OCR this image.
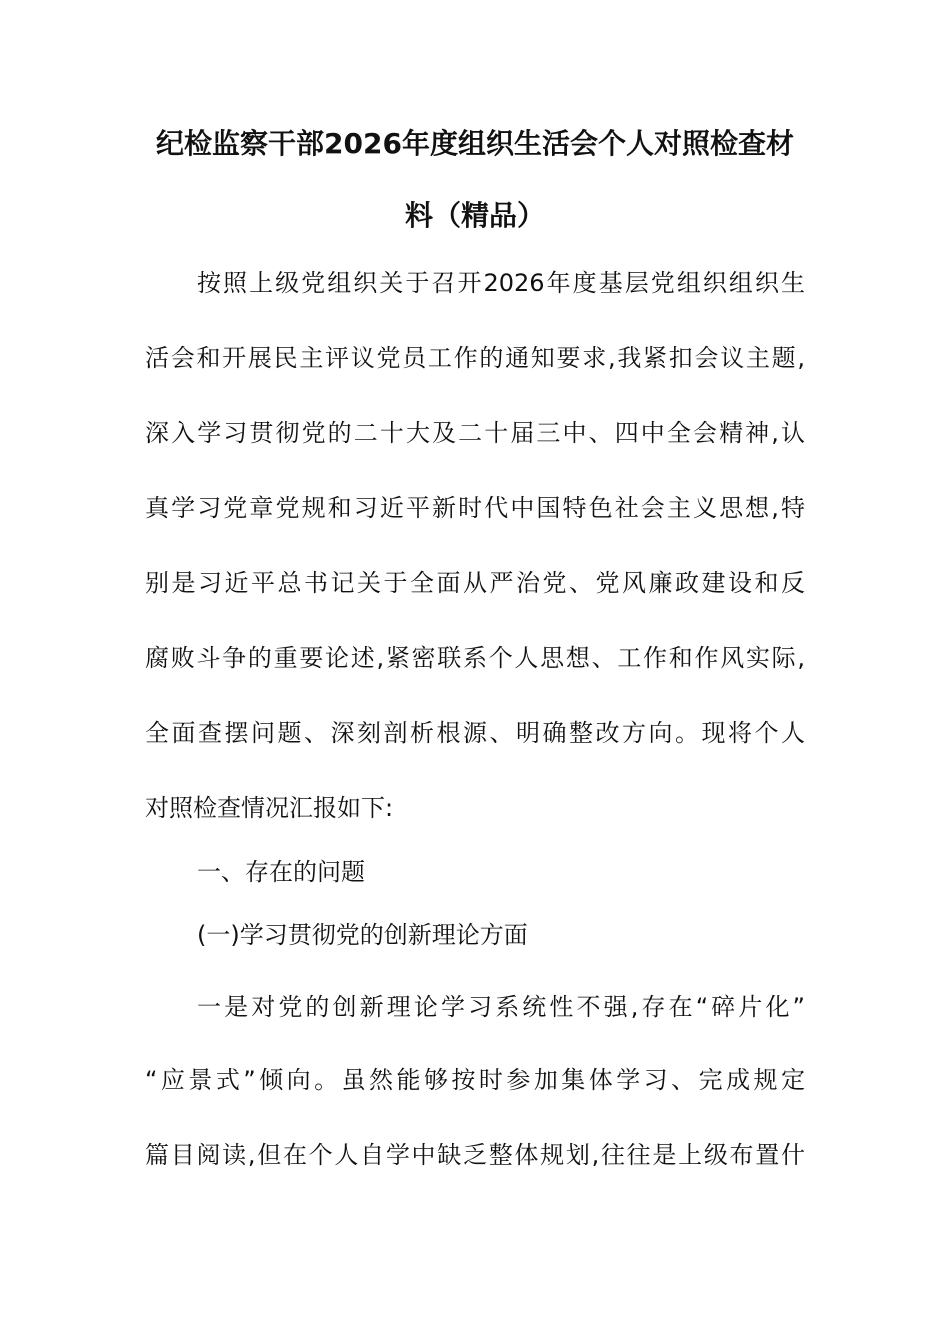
纪检监察干部2026年度组织生活会个人对照检查材
料（精品）
按照上级党组织关于召开2026年度基层党组织组织生
活会和开展民主评议党员工作的通知要求,我紧扣会议主题,
深入学习贯彻党的二十大及二十届三中、四中全会精神,认
真学习党章党规和习近平新时代中国特色社会主义思想,特
别是习近平总书记关于全面从严治党、党风廉政建设和反
腐败斗争的重要论述,紧密联系个人思想、工作和作风实际,
全面查摆问题、深刻剖析根源、明确整改方向。现将个人
对照检查情况汇报如下:
一、存在的问题
(一)学习贯彻党的创新理论方面
一是对党的创新理论学习系统性不强,存在“碎片化”
“应景式”倾向。虽然能够按时参加集体学习、完成规定
篇目阅读,但在个人自学中缺乏整体规划,往往是上级布置什
